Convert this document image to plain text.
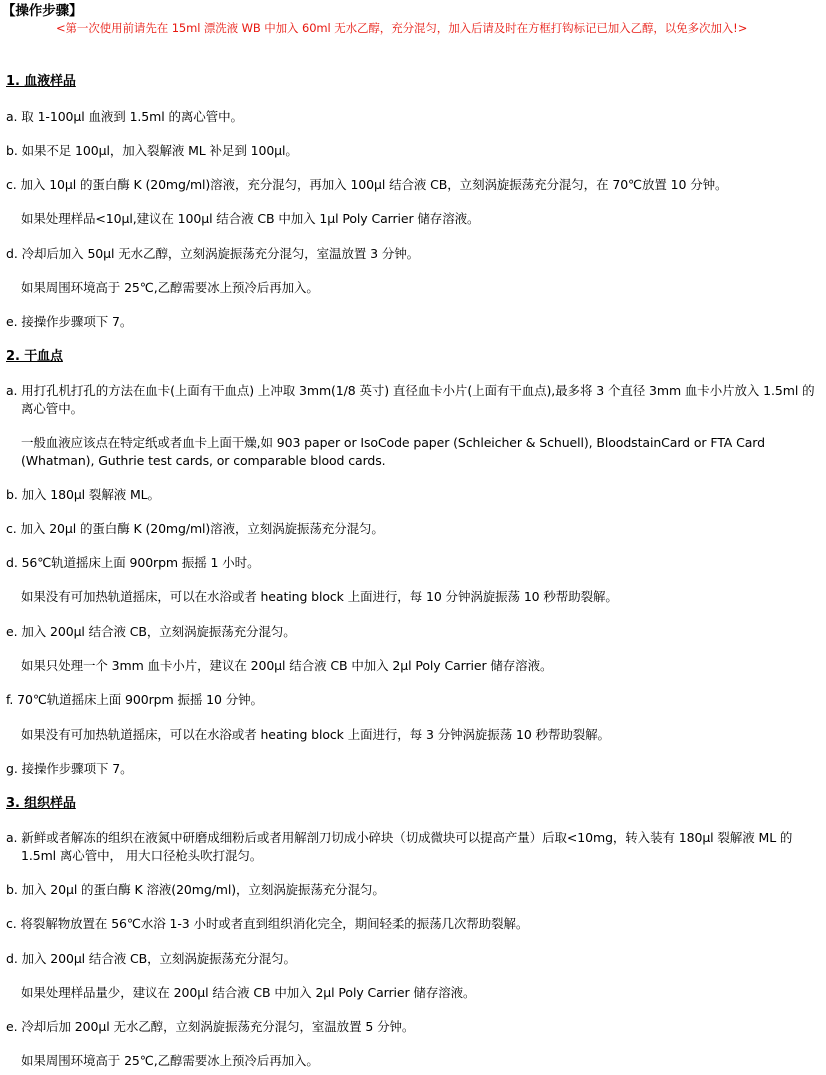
【操作步骤】
<第一次使用前请先在 15ml 漂洗液 WB 中加入 60ml 无水乙醇，充分混匀，加入后请及时在方框打钩标记已加入乙醇，以免多次加入!>
1. 血液样品
a. 取 1-100µl 血液到 1.5ml 的离心管中。
b. 如果不足 100µl，加入裂解液 ML 补足到 100µl。
c. 加入 10µl 的蛋白酶 K (20mg/ml)溶液，充分混匀，再加入 100µl 结合液 CB，立刻涡旋振荡充分混匀，在 70℃放置 10 分钟。
如果处理样品<10µl,建议在 100µl 结合液 CB 中加入 1µl Poly Carrier 储存溶液。
d. 冷却后加入 50µl 无水乙醇，立刻涡旋振荡充分混匀，室温放置 3 分钟。
如果周围环境高于 25℃,乙醇需要冰上预冷后再加入。
e. 接操作步骤项下 7。
2. 干血点
a. 用打孔机打孔的方法在血卡(上面有干血点) 上冲取 3mm(1/8 英寸) 直径血卡小片(上面有干血点),最多将 3 个直径 3mm 血卡小片放入 1.5ml 的离心管中。
一般血液应该点在特定纸或者血卡上面干燥,如 903 paper or IsoCode paper (Schleicher & Schuell), BloodstainCard or FTA Card (Whatman), Guthrie test cards, or comparable blood cards.
b. 加入 180µl 裂解液 ML。
c. 加入 20µl 的蛋白酶 K (20mg/ml)溶液，立刻涡旋振荡充分混匀。
d. 56℃轨道摇床上面 900rpm 振摇 1 小时。
如果没有可加热轨道摇床，可以在水浴或者 heating block 上面进行，每 10 分钟涡旋振荡 10 秒帮助裂解。
e. 加入 200µl 结合液 CB，立刻涡旋振荡充分混匀。
如果只处理一个 3mm 血卡小片，建议在 200µl 结合液 CB 中加入 2µl Poly Carrier 储存溶液。
f. 70℃轨道摇床上面 900rpm 振摇 10 分钟。
如果没有可加热轨道摇床，可以在水浴或者 heating block 上面进行，每 3 分钟涡旋振荡 10 秒帮助裂解。
g. 接操作步骤项下 7。
3. 组织样品
a. 新鲜或者解冻的组织在液氮中研磨成细粉后或者用解剖刀切成小碎块（切成微块可以提高产量）后取<10mg，转入装有 180µl 裂解液 ML 的 1.5ml 离心管中， 用大口径枪头吹打混匀。
b. 加入 20µl 的蛋白酶 K 溶液(20mg/ml)，立刻涡旋振荡充分混匀。
c. 将裂解物放置在 56℃水浴 1-3 小时或者直到组织消化完全，期间轻柔的振荡几次帮助裂解。
d. 加入 200µl 结合液 CB，立刻涡旋振荡充分混匀。
如果处理样品量少，建议在 200µl 结合液 CB 中加入 2µl Poly Carrier 储存溶液。
e. 冷却后加 200µl 无水乙醇，立刻涡旋振荡充分混匀，室温放置 5 分钟。
如果周围环境高于 25℃,乙醇需要冰上预冷后再加入。
